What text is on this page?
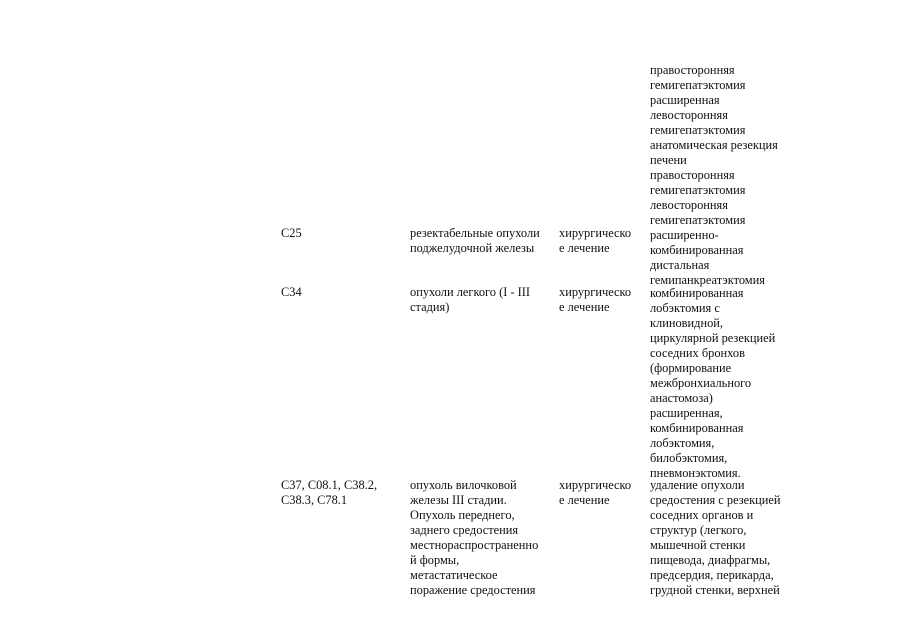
правосторонняя
гемигепатэктомия
расширенная
левосторонняя
гемигепатэктомия
анатомическая резекция
печени
правосторонняя
гемигепатэктомия
левосторонняя
гемигепатэктомия
C25	резектабельные опухоли
поджелудочной железы
хирургическо
е лечение
расширенно-
комбинированная
дистальная
гемипанкреатэктомия
C34	опухоли легкого (I - III
стадия)
хирургическо
е лечение
комбинированная
лобэктомия с
клиновидной,
циркулярной резекцией
соседних бронхов
(формирование
межбронхиального
анастомоза)
расширенная,
комбинированная
лобэктомия,
билобэктомия,
пневмонэктомия.
C37, C08.1, C38.2,
C38.3, C78.1
опухоль вилочковой
железы III стадии.
Опухоль переднего,
заднего средостения
местнораспространенно
й формы,
метастатическое
поражение средостения
хирургическо
е лечение
удаление опухоли
средостения с резекцией
соседних органов и
структур (легкого,
мышечной стенки
пищевода, диафрагмы,
предсердия, перикарда,
грудной стенки, верхней
